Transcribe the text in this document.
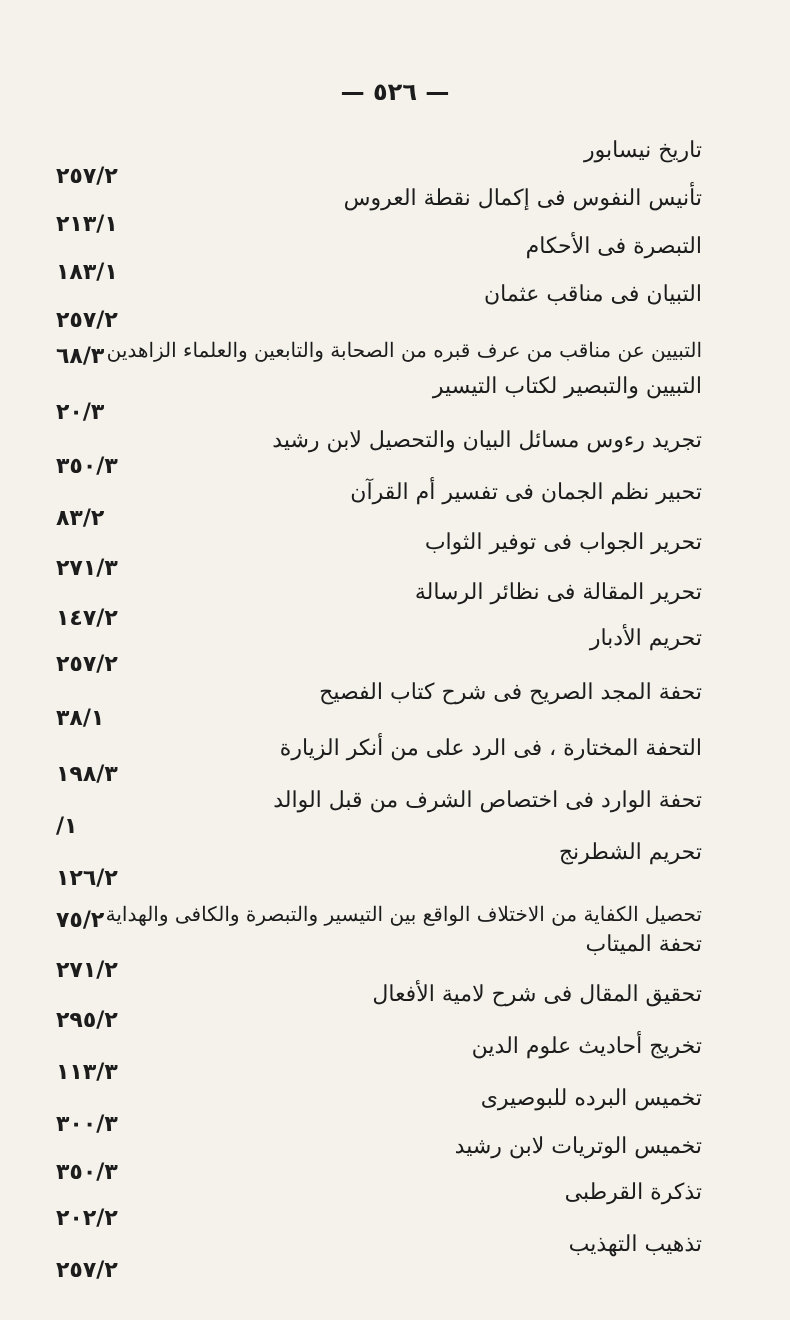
— ٥٢٦ —
تاريخ نيسابور
٢٥٧/٢
تأنيس النفوس فى إكمال نقطة العروس
٢١٣/١
التبصرة فى الأحكام
١٨٣/١
التبيان فى مناقب عثمان
٢٥٧/٢
التبيين عن مناقب من عرف قبره من الصحابة والتابعين والعلماء الزاهدين
٦٨/٣
التبيين والتبصير لكتاب التيسير
٢٠/٣
تجريد رءوس مسائل البيان والتحصيل لابن رشيد
٣٥٠/٣
تحبير نظم الجمان فى تفسير أم القرآن
٨٣/٢
تحرير الجواب فى توفير الثواب
٢٧١/٣
تحرير المقالة فى نظائر الرسالة
١٤٧/٢
تحريم الأدبار
٢٥٧/٢
تحفة المجد الصريح فى شرح كتاب الفصيح
٣٨/١
التحفة المختارة ، فى الرد على من أنكر الزيارة
١٩٨/٣
تحفة الوارد فى اختصاص الشرف من قبل الوالد
/١
تحريم الشطرنج
١٢٦/٢
تحصيل الكفاية من الاختلاف الواقع بين التيسير والتبصرة والكافى والهداية
٧٥/٢
تحفة الميتاب
٢٧١/٢
تحقيق المقال فى شرح لامية الأفعال
٢٩٥/٢
تخريج أحاديث علوم الدين
١١٣/٣
تخميس البرده للبوصيرى
٣٠٠/٣
تخميس الوتريات لابن رشيد
٣٥٠/٣
تذكرة القرطبى
٢٠٢/٢
تذهيب التهذيب
٢٥٧/٢
